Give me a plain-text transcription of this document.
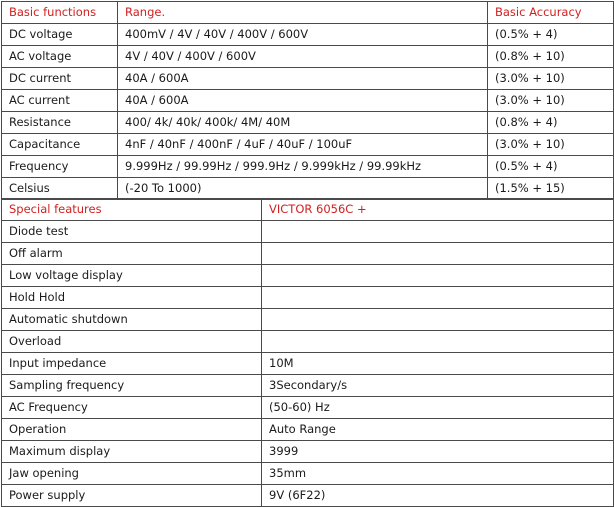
Basic functions	Range.	Basic Accuracy
DC voltage	400mV / 4V / 40V / 400V / 600V	(0.5% + 4)
AC voltage	4V / 40V / 400V / 600V	(0.8% + 10)
DC current	40A / 600A	(3.0% + 10)
AC current	40A / 600A	(3.0% + 10)
Resistance	400/ 4k/ 40k/ 400k/ 4M/ 40M	(0.8% + 4)
Capacitance	4nF / 40nF / 400nF / 4uF / 40uF / 100uF	(3.0% + 10)
Frequency	9.999Hz / 99.99Hz / 999.9Hz / 9.999kHz / 99.99kHz	(0.5% + 4)
Celsius	(-20 To 1000)	(1.5% + 15)
Special features	VICTOR 6056C +
Diode test	
Off alarm	
Low voltage display	
Hold Hold	
Automatic shutdown	
Overload	
Input impedance	10M
Sampling frequency	3Secondary/s
AC Frequency	(50-60) Hz
Operation	Auto Range
Maximum display	3999
Jaw opening	35mm
Power supply	9V (6F22)
